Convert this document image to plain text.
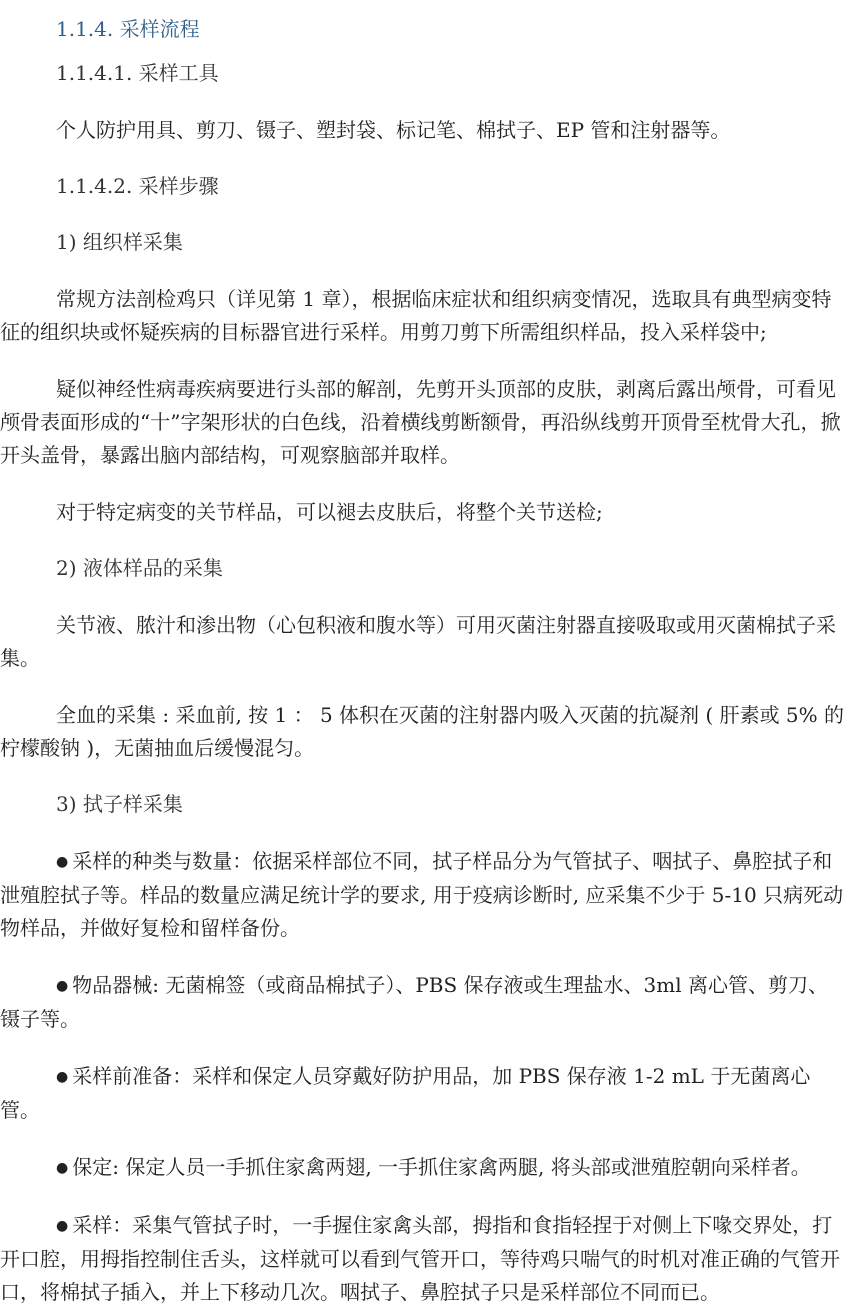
1.1.4. 采样流程
1.1.4.1. 采样工具

个人防护用具、剪刀、镊子、塑封袋、标记笔、棉拭子、EP 管和注射器等。

1.1.4.2. 采样步骤
1) 组织样采集

常规方法剖检鸡只（详见第 1 章），根据临床症状和组织病变情况，选取具有典型病变特征的组织块或怀疑疾病的目标器官进行采样。用剪刀剪下所需组织样品，投入采样袋中;

疑似神经性病毒疾病要进行头部的解剖，先剪开头顶部的皮肤，剥离后露出颅骨，可看见颅骨表面形成的“十”字架形状的白色线，沿着横线剪断额骨，再沿纵线剪开顶骨至枕骨大孔，掀开头盖骨，暴露出脑内部结构，可观察脑部并取样。

对于特定病变的关节样品，可以褪去皮肤后，将整个关节送检;

2) 液体样品的采集

关节液、脓汁和渗出物（心包积液和腹水等）可用灭菌注射器直接吸取或用灭菌棉拭子采集。

全血的采集 : 采血前, 按 1 ： 5 体积在灭菌的注射器内吸入灭菌的抗凝剂 ( 肝素或 5% 的柠檬酸钠 )，无菌抽血后缓慢混匀。

3) 拭子样采集

● 采样的种类与数量：依据采样部位不同，拭子样品分为气管拭子、咽拭子、鼻腔拭子和泄殖腔拭子等。样品的数量应满足统计学的要求, 用于疫病诊断时, 应采集不少于 5-10 只病死动物样品，并做好复检和留样备份。

● 物品器械: 无菌棉签（或商品棉拭子）、PBS 保存液或生理盐水、3ml 离心管、剪刀、镊子等。

● 采样前准备：采样和保定人员穿戴好防护用品，加 PBS 保存液 1-2 mL 于无菌离心管。

● 保定: 保定人员一手抓住家禽两翅, 一手抓住家禽两腿, 将头部或泄殖腔朝向采样者。

● 采样：采集气管拭子时，一手握住家禽头部，拇指和食指轻捏于对侧上下喙交界处，打开口腔，用拇指控制住舌头，这样就可以看到气管开口，等待鸡只喘气的时机对准正确的气管开口，将棉拭子插入，并上下移动几次。咽拭子、鼻腔拭子只是采样部位不同而已。
